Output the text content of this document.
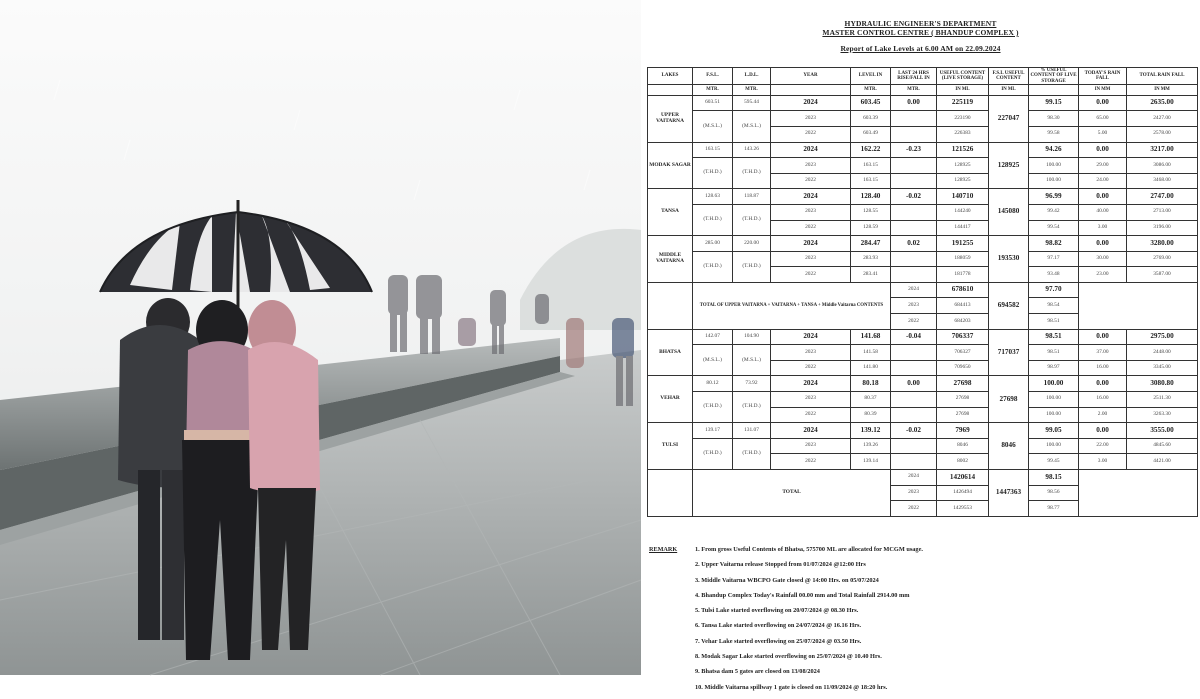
HYDRAULIC ENGINEER'S DEPARTMENT
MASTER CONTROL CENTRE ( BHANDUP COMPLEX )
Report of Lake Levels at 6.00 AM on 22.09.2024
LAKES	F.S.L.	L.D.L.	YEAR	LEVEL IN	LAST 24 HRS RISE/FALL IN	USEFUL CONTENT (LIVE STORAGE)	F.S.L USEFUL CONTENT	% USEFUL CONTENT OF LIVE STORAGE	TODAY'S RAIN FALL	TOTAL RAIN FALL
	MTR.	MTR.		MTR.	MTR.	IN ML	IN ML		IN MM	IN MM
UPPER VAITARNA	603.51	595.44	2024	603.45	0.00	225119	227047	99.15	0.00	2635.00
	(M.S.L.)	(M.S.L.)	2023	603.39		223190		98.30	65.00	2427.00
			2022	603.49		226383		99.58	5.00	2578.00
MODAK SAGAR	163.15	143.26	2024	162.22	-0.23	121526	128925	94.26	0.00	3217.00
	(T.H.D.)	(T.H.D.)	2023	163.15		128925		100.00	29.00	3086.00
			2022	163.15		128925		100.00	24.00	3468.00
TANSA	128.63	118.87	2024	128.40	-0.02	140710	145080	96.99	0.00	2747.00
	(T.H.D.)	(T.H.D.)	2023	128.55		144240		99.42	40.00	2713.00
			2022	128.59		144417		99.54	3.00	3196.00
MIDDLE VAITARNA	285.00	220.00	2024	284.47	0.02	191255	193530	98.82	0.00	3280.00
	(T.H.D.)	(T.H.D.)	2023	283.93		188059		97.17	30.00	2769.00
			2022	283.41		181778		93.48	23.00	3587.00
	TOTAL OF UPPER VAITARNA + VAITARNA + TANSA + Middle Vaitarna CONTENTS				2024	678610	694582	97.70		
					2023	684413		98.54		
					2022	684203		98.51		
BHATSA	142.07	104.90	2024	141.68	-0.04	706337	717037	98.51	0.00	2975.00
	(M.S.L.)	(M.S.L.)	2023	141.58		706327		98.51	37.00	2448.00
			2022	141.80		709650		98.97	16.00	3345.00
VEHAR	80.12	73.92	2024	80.18	0.00	27698	27698	100.00	0.00	3080.80
	(T.H.D.)	(T.H.D.)	2023	80.37		27698		100.00	16.00	2511.30
			2022	80.39		27698		100.00	2.00	3263.30
TULSI	139.17	131.07	2024	139.12	-0.02	7969	8046	99.05	0.00	3555.00
	(T.H.D.)	(T.H.D.)	2023	139.26		8046		100.00	22.00	4845.60
			2022	139.14		8002		99.45	3.00	4421.00
	TOTAL				2024	1420614	1447363	98.15		
					2023	1426494		98.56		
					2022	1429553		98.77		
REMARK	1. From gross Useful Contents of Bhatsa, 575700 ML are allocated for MCGM usage.
2. Upper Vaitarna release Stopped from 01/07/2024 @12:00 Hrs
3. Middle Vaitarna WBCPO Gate closed @ 14:00 Hrs. on 05/07/2024
4. Bhandup Complex Today's Rainfall 00.00 mm and Total Rainfall 2914.00 mm
5. Tulsi Lake started overflowing on 20/07/2024 @ 08.30 Hrs.
6. Tansa Lake started overflowing on 24/07/2024 @ 16.16 Hrs.
7. Vehar Lake started overflowing on 25/07/2024 @ 03.50 Hrs.
8. Modak Sagar Lake started overflowing on 25/07/2024 @ 10.40 Hrs.
9. Bhatsa dam 5 gates are closed on 13/08/2024
10. Middle Vaitarna spillway 1 gate is closed on 11/09/2024 @ 18:20 hrs.
